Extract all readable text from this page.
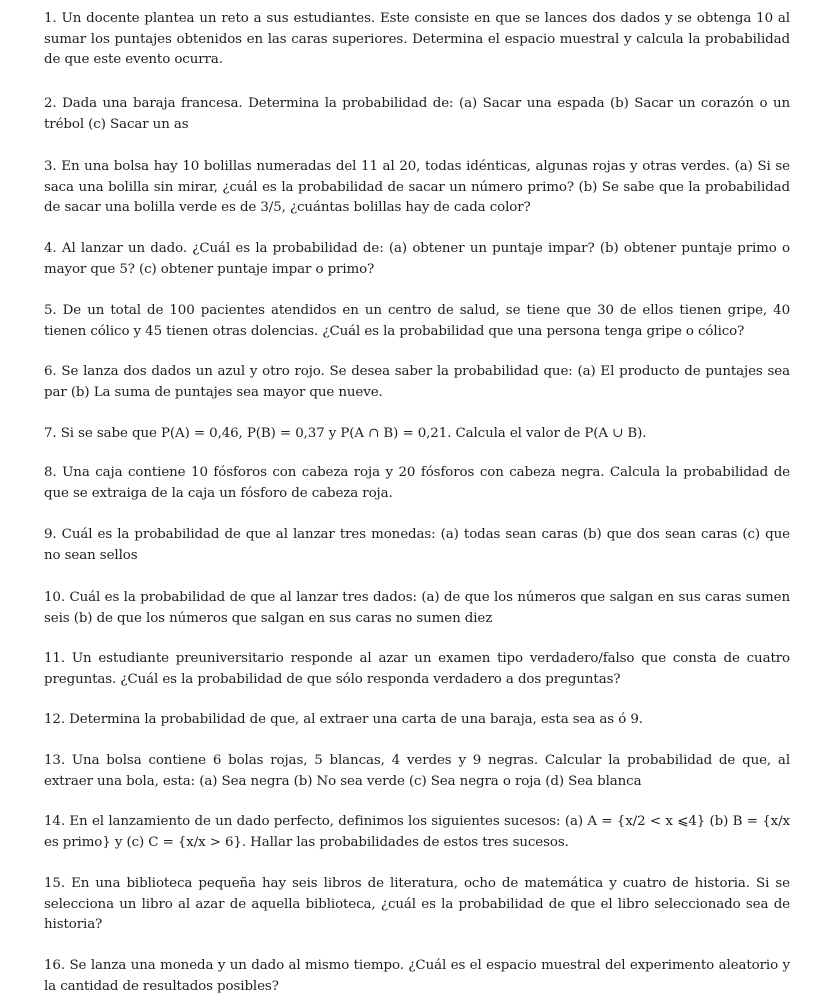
1. Un docente plantea un reto a sus estudiantes. Este consiste en que se lances dos dados y se obtenga 10 al sumar los puntajes obtenidos en las caras superiores. Determina el espacio muestral y calcula la probabilidad de que este evento ocurra.

2. Dada una baraja francesa. Determina la probabilidad de: (a) Sacar una espada (b) Sacar un corazón o un trébol (c) Sacar un as

3. En una bolsa hay 10 bolillas numeradas del 11 al 20, todas idénticas, algunas rojas y otras verdes. (a) Si se saca una bolilla sin mirar, ¿cuál es la probabilidad de sacar un número primo? (b) Se sabe que la probabilidad de sacar una bolilla verde es de 3/5, ¿cuántas bolillas hay de cada color?

4. Al lanzar un dado. ¿Cuál es la probabilidad de: (a) obtener un puntaje impar? (b) obtener puntaje primo o mayor que 5? (c) obtener puntaje impar o primo?

5. De un total de 100 pacientes atendidos en un centro de salud, se tiene que 30 de ellos tienen gripe, 40 tienen cólico y 45 tienen otras dolencias. ¿Cuál es la probabilidad que una persona tenga gripe o cólico?

6. Se lanza dos dados un azul y otro rojo. Se desea saber la probabilidad que: (a) El producto de puntajes sea par (b) La suma de puntajes sea mayor que nueve.

7. Si se sabe que P(A) = 0,46, P(B) = 0,37 y P(A ∩ B) = 0,21. Calcula el valor de P(A ∪ B).

8. Una caja contiene 10 fósforos con cabeza roja y 20 fósforos con cabeza negra. Calcula la probabilidad de que se extraiga de la caja un fósforo de cabeza roja.

9. Cuál es la probabilidad de que al lanzar tres monedas: (a) todas sean caras (b) que dos sean caras (c) que no sean sellos

10. Cuál es la probabilidad de que al lanzar tres dados: (a) de que los números que salgan en sus caras sumen seis (b) de que los números que salgan en sus caras no sumen diez

11. Un estudiante preuniversitario responde al azar un examen tipo verdadero/falso que consta de cuatro preguntas. ¿Cuál es la probabilidad de que sólo responda verdadero a dos preguntas?

12. Determina la probabilidad de que, al extraer una carta de una baraja, esta sea as ó 9.

13. Una bolsa contiene 6 bolas rojas, 5 blancas, 4 verdes y 9 negras. Calcular la probabilidad de que, al extraer una bola, esta: (a) Sea negra (b) No sea verde (c) Sea negra o roja (d) Sea blanca

14. En el lanzamiento de un dado perfecto, definimos los siguientes sucesos: (a) A = {x/2 < x ⩽4} (b) B = {x/x es primo} y (c) C = {x/x > 6}. Hallar las probabilidades de estos tres sucesos.

15. En una biblioteca pequeña hay seis libros de literatura, ocho de matemática y cuatro de historia. Si se selecciona un libro al azar de aquella biblioteca, ¿cuál es la probabilidad de que el libro seleccionado sea de historia?

16. Se lanza una moneda y un dado al mismo tiempo. ¿Cuál es el espacio muestral del experimento aleatorio y la cantidad de resultados posibles?
